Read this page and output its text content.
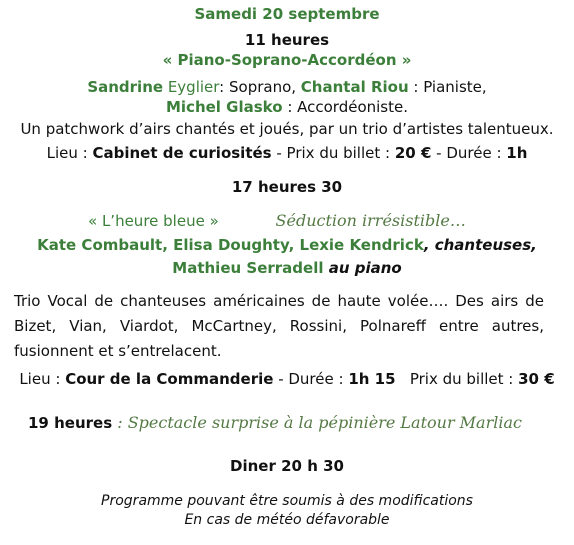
Samedi 20 septembre
11 heures
« Piano-Soprano-Accordéon »
Sandrine Eyglier: Soprano, Chantal Riou : Pianiste,
Michel Glasko : Accordéoniste.
Un patchwork d’airs chantés et joués, par un trio d’artistes talentueux.
Lieu : Cabinet de curiosités - Prix du billet : 20 € - Durée : 1h
17 heures 30
« L’heure bleue »	Séduction irrésistible…
Kate Combault, Elisa Doughty, Lexie Kendrick, chanteuses,
Mathieu Serradell au piano
Trio Vocal de chanteuses américaines de haute volée…. Des airs de Bizet, Vian, Viardot, McCartney, Rossini, Polnareff entre autres, fusionnent et s’entrelacent.
Lieu : Cour de la Commanderie - Durée : 1h 15   Prix du billet : 30 €
19 heures : Spectacle surprise à la pépinière Latour Marliac
Diner 20 h 30
Programme pouvant être soumis à des modifications
En cas de météo défavorable
